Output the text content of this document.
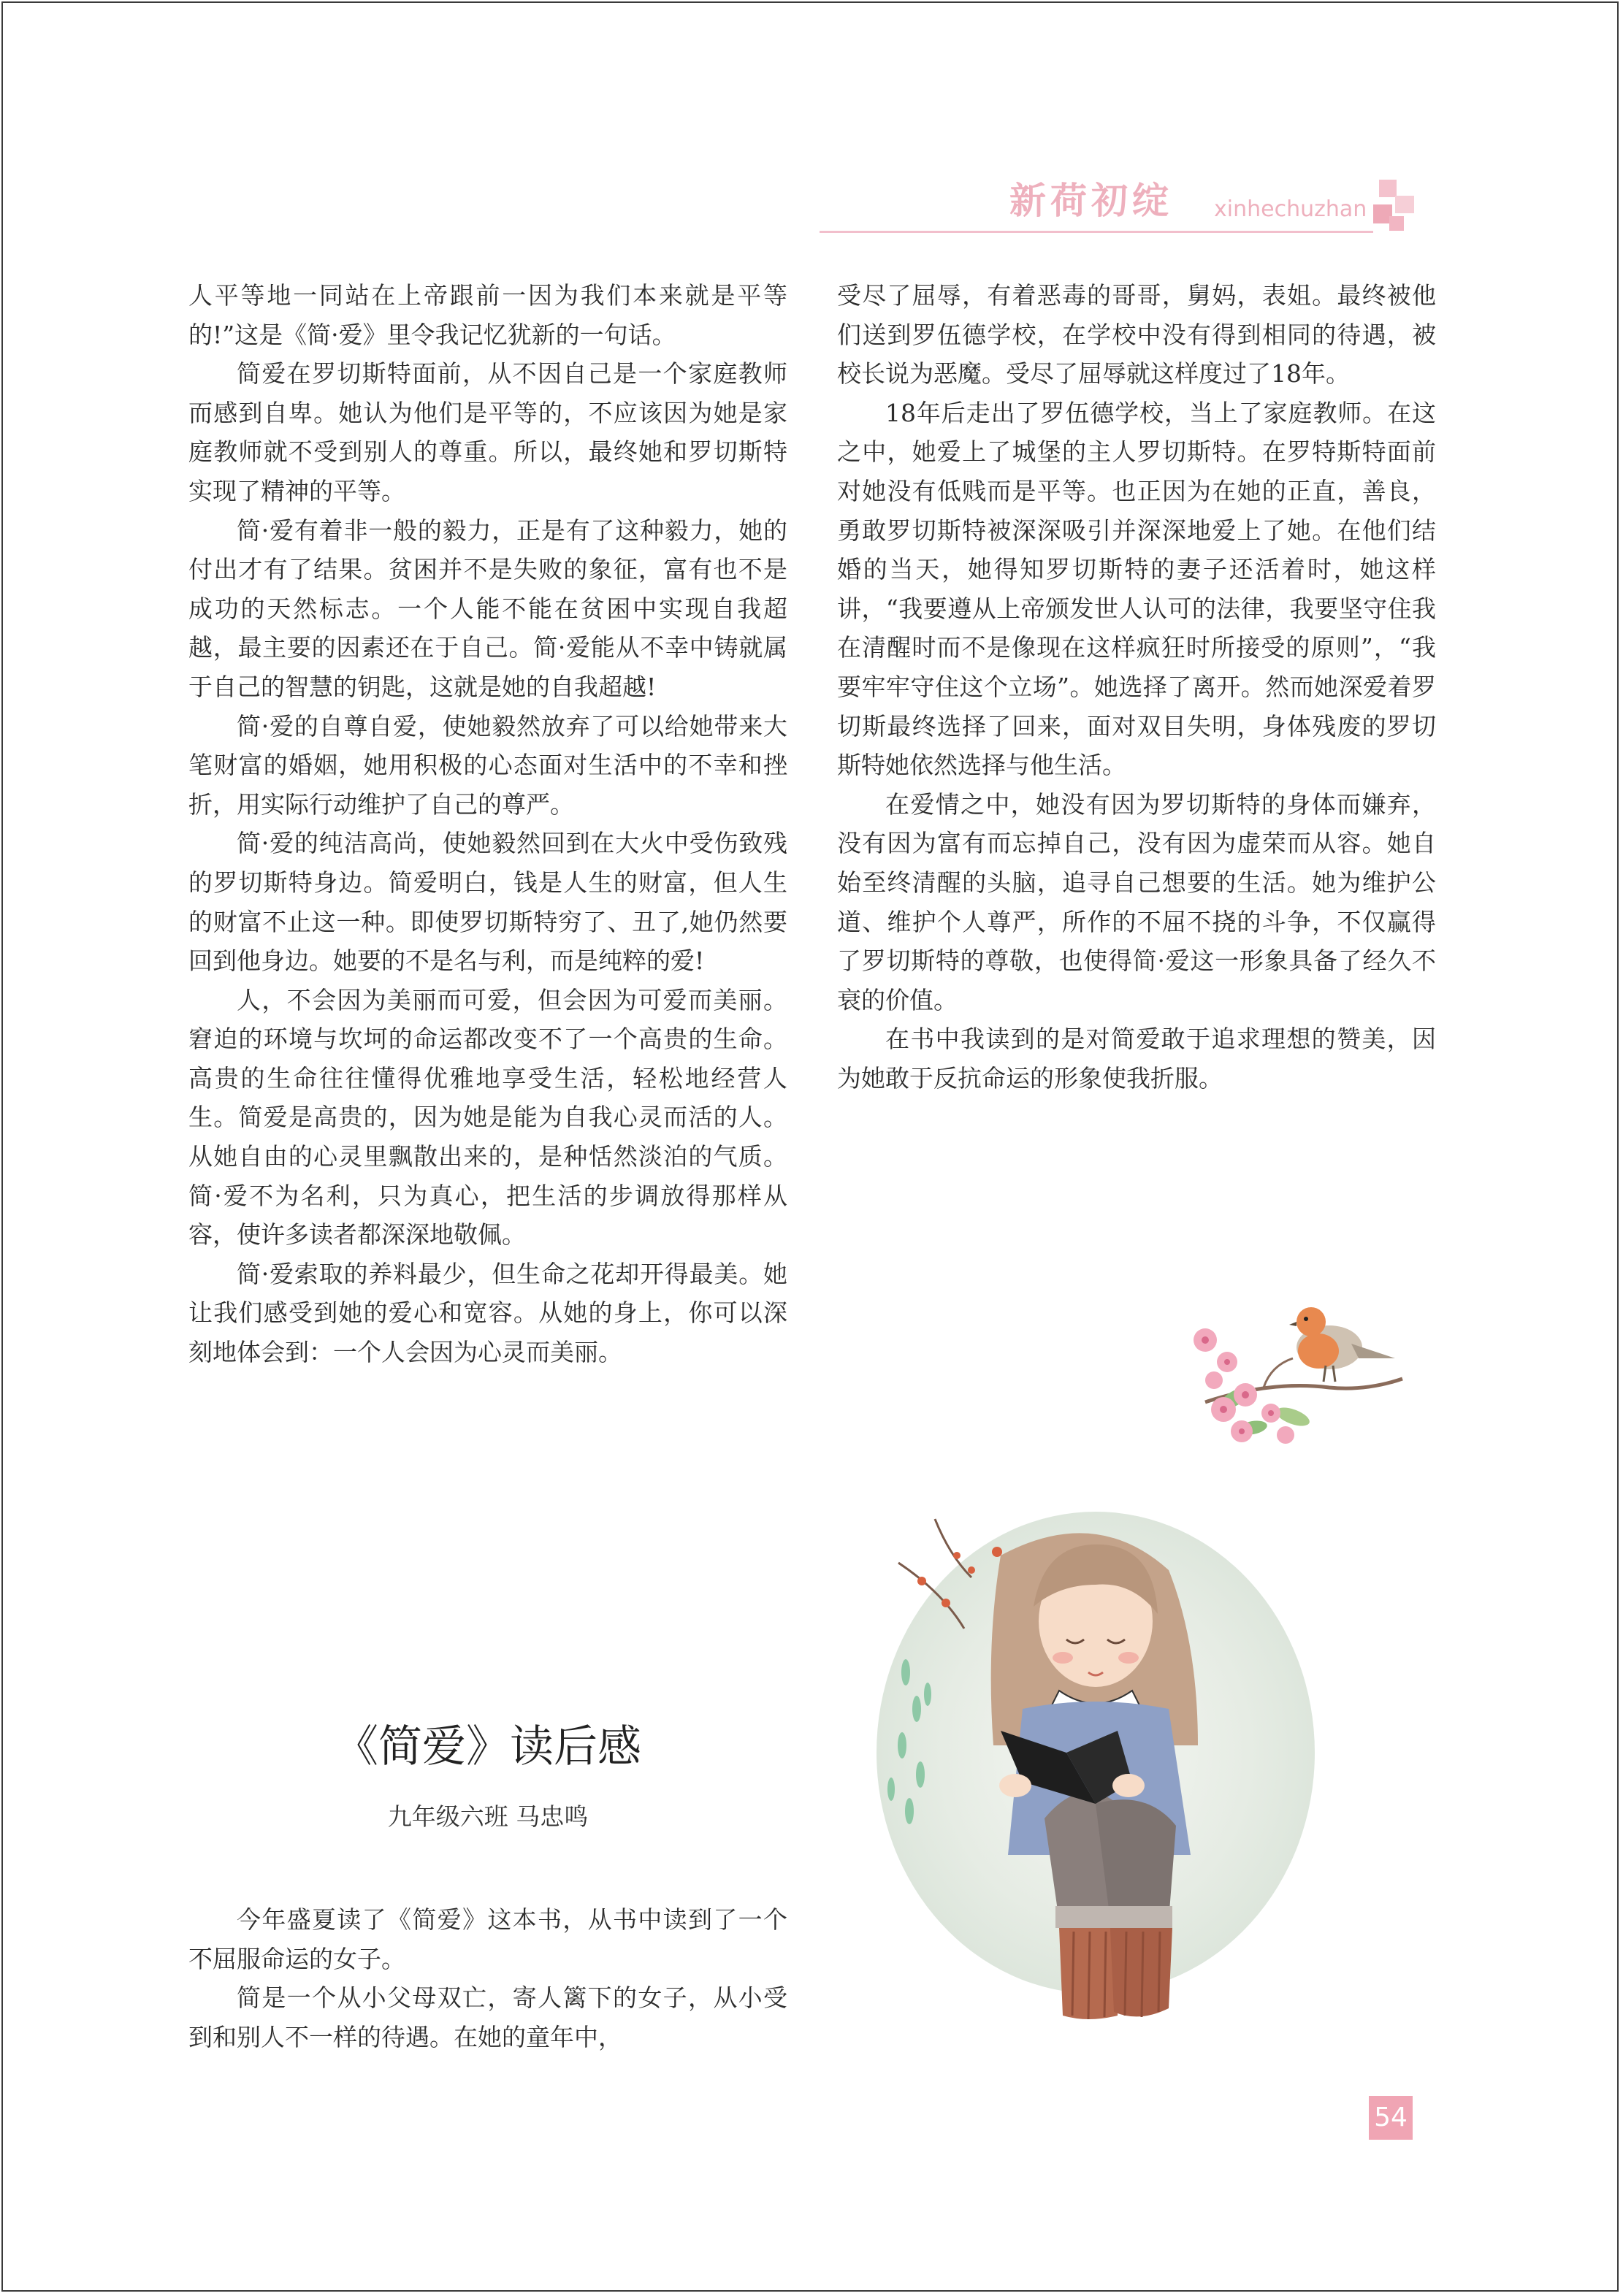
新荷初绽 xinhechuzhan

人平等地一同站在上帝跟前一因为我们本来就是平等的!”这是《简·爱》里令我记忆犹新的一句话。

简爱在罗切斯特面前，从不因自己是一个家庭教师而感到自卑。她认为他们是平等的，不应该因为她是家庭教师就不受到别人的尊重。所以，最终她和罗切斯特实现了精神的平等。

简·爱有着非一般的毅力，正是有了这种毅力，她的付出才有了结果。贫困并不是失败的象征，富有也不是成功的天然标志。一个人能不能在贫困中实现自我超越，最主要的因素还在于自己。简·爱能从不幸中铸就属于自己的智慧的钥匙，这就是她的自我超越!

简·爱的自尊自爱，使她毅然放弃了可以给她带来大笔财富的婚姻，她用积极的心态面对生活中的不幸和挫折，用实际行动维护了自己的尊严。

简·爱的纯洁高尚，使她毅然回到在大火中受伤致残的罗切斯特身边。简爱明白，钱是人生的财富，但人生的财富不止这一种。即使罗切斯特穷了、丑了,她仍然要回到他身边。她要的不是名与利，而是纯粹的爱!

人，不会因为美丽而可爱，但会因为可爱而美丽。窘迫的环境与坎坷的命运都改变不了一个高贵的生命。高贵的生命往往懂得优雅地享受生活，轻松地经营人生。简爱是高贵的，因为她是能为自我心灵而活的人。从她自由的心灵里飘散出来的，是种恬然淡泊的气质。简·爱不为名利，只为真心，把生活的步调放得那样从容，使许多读者都深深地敬佩。

简·爱索取的养料最少，但生命之花却开得最美。她让我们感受到她的爱心和宽容。从她的身上，你可以深刻地体会到：一个人会因为心灵而美丽。

《简爱》读后感
九年级六班 马忠鸣

今年盛夏读了《简爱》这本书，从书中读到了一个不屈服命运的女子。

简是一个从小父母双亡，寄人篱下的女子，从小受到和别人不一样的待遇。在她的童年中，

受尽了屈辱，有着恶毒的哥哥，舅妈，表姐。最终被他们送到罗伍德学校，在学校中没有得到相同的待遇，被校长说为恶魔。受尽了屈辱就这样度过了18年。

18年后走出了罗伍德学校，当上了家庭教师。在这之中，她爱上了城堡的主人罗切斯特。在罗特斯特面前对她没有低贱而是平等。也正因为在她的正直，善良，勇敢罗切斯特被深深吸引并深深地爱上了她。在他们结婚的当天，她得知罗切斯特的妻子还活着时，她这样讲，“我要遵从上帝颁发世人认可的法律，我要坚守住我在清醒时而不是像现在这样疯狂时所接受的原则”，“我要牢牢守住这个立场”。她选择了离开。然而她深爱着罗切斯最终选择了回来，面对双目失明，身体残废的罗切斯特她依然选择与他生活。

在爱情之中，她没有因为罗切斯特的身体而嫌弃，没有因为富有而忘掉自己，没有因为虚荣而从容。她自始至终清醒的头脑，追寻自己想要的生活。她为维护公道、维护个人尊严，所作的不屈不挠的斗争，不仅赢得了罗切斯特的尊敬，也使得简·爱这一形象具备了经久不衰的价值。

在书中我读到的是对简爱敢于追求理想的赞美，因为她敢于反抗命运的形象使我折服。

54
